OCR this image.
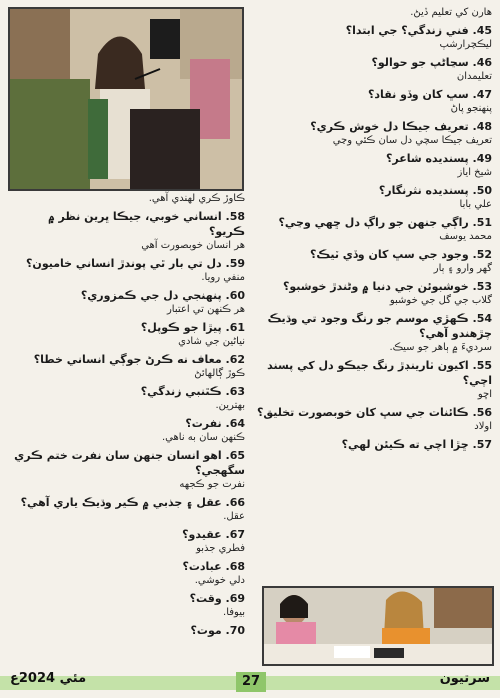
هارن کي تعليم ڏيڻ.

45. فني زندگي؟ جي ابتدا؟

ليڪچرارشپ

46. سڃاڻپ جو حوالو؟

تعليمدان

47. سڀ کان وڏو نقاد؟

پنهنجو پاڻ

48. تعريف جيڪا دل خوش ڪري؟

تعريف جيڪا سچي دل سان ڪئي وڃي

49. پسنديده شاعر؟

شيخ اياز

50. پسنديده نثرنگار؟

علي بابا

51. راڳي جنهن جو راڳ دل ڇهي وڃي؟

محمد يوسف

52. وجود جي سڀ کان وڏي ٽيڪ؟

گهر وارو ۽ ٻار

53. خوشبوئن جي دنيا ۾ وڻندڙ خوشبو؟

گلاب جي گل جي خوشبو

54. ڪهڙي موسم جو رنگ وجود تي وڌيڪ چڙهندو آهي؟

سرديءَ ۾ ٻاهر جو سيڪ.

55. اکيون ٺارينڊڙ رنگ جيڪو دل کي پسند اچي؟

اڇو

56. ڪائنات جي سڀ کان خوبصورت تخليق؟

اولاد

57. ڇڙا اچي ته ڪيئن لهي؟

ڪاوڙ ڪري لهندي آهي.

58. انساني خوبي، جيڪا ڀرين نظر ۾ ڪريو؟

هر انسان خوبصورت آهي

59. دل تي بار ٿي پوندڙ انساني خاميون؟

منفي رويا.

60. پنهنجي دل جي ڪمزوري؟

هر ڪنهن تي اعتبار

61. پيڙا جو ڪوپل؟

نياڻين جي شادي

62. معاف نه ڪرڻ جوڳي انساني خطا؟

ڪوڙ ڳالهائڻ

63. ڪٿنبي زندگي؟

بهترين.

64. نفرت؟

ڪنهن سان به ناهي.

65. اهو انسان جنهن سان نفرت ختم ڪري سگهجي؟

نفرت جو ڪجهه

66. عقل ۽ جذبي ۾ ڪير وڌيڪ ياري آهي؟

عقل.

67. عقيدو؟

فطري جذبو

68. عبادت؟

دلي خوشي.

69. وقت؟

بيوفا.

70. موت؟

27
مئي 2024ع	سرتيون
